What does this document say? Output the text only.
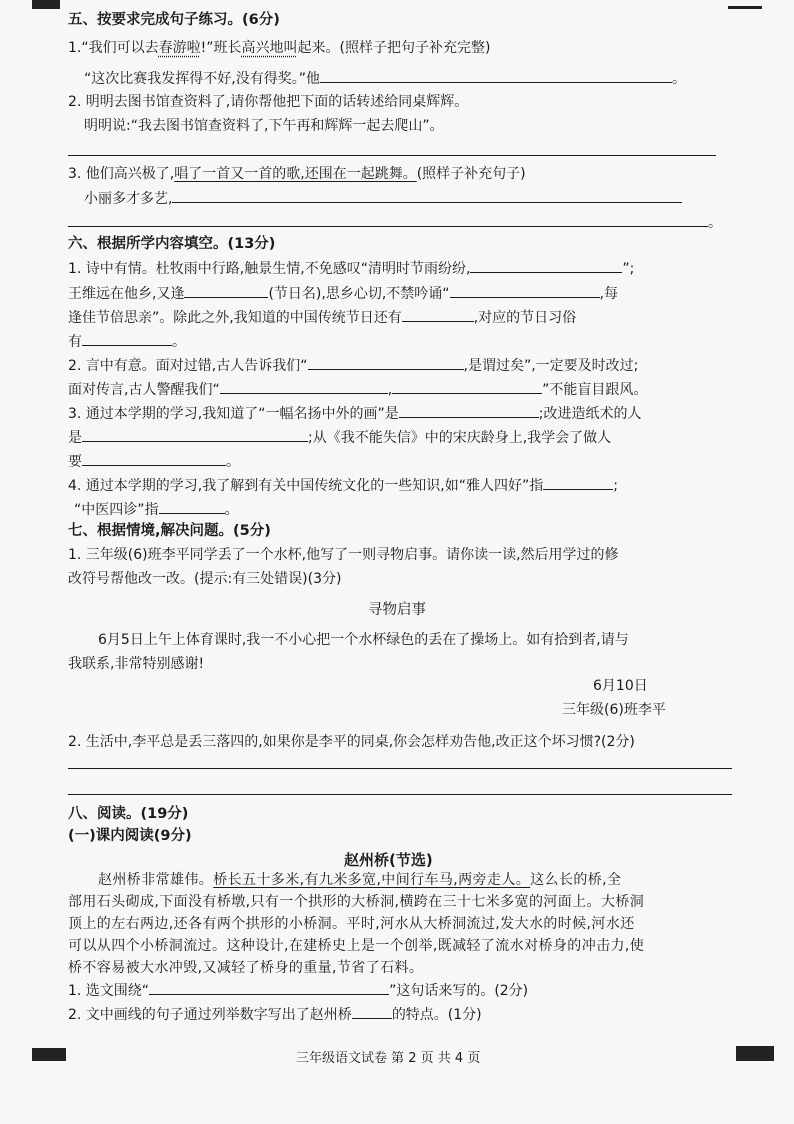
五、按要求完成句子练习。(6分)
1.“我们可以去春游啦!”班长高兴地叫起来。(照样子把句子补充完整)
“这次比赛我发挥得不好,没有得奖。”他	。
2. 明明去图书馆查资料了,请你帮他把下面的话转述给同桌辉辉。
明明说:“我去图书馆查资料了,下午再和辉辉一起去爬山”。
3. 他们高兴极了,唱了一首又一首的歌,还围在一起跳舞。(照样子补充句子)
小丽多才多艺,
。
六、根据所学内容填空。(13分)
1. 诗中有情。杜牧雨中行路,触景生情,不免感叹“清明时节雨纷纷,	”;
王维远在他乡,又逢	(节日名),思乡心切,不禁吟诵“	,每
逢佳节倍思亲”。除此之外,我知道的中国传统节日还有	,对应的节日习俗
有	。
2. 言中有意。面对过错,古人告诉我们“	,是谓过矣”,一定要及时改过;
面对传言,古人警醒我们“	,	”不能盲目跟风。
3. 通过本学期的学习,我知道了“一幅名扬中外的画”是	;改进造纸术的人
是	;从《我不能失信》中的宋庆龄身上,我学会了做人
要	。
4. 通过本学期的学习,我了解到有关中国传统文化的一些知识,如“雅人四好”指	;
“中医四诊”指	。
七、根据情境,解决问题。(5分)
1. 三年级(6)班李平同学丢了一个水杯,他写了一则寻物启事。请你读一读,然后用学过的修
改符号帮他改一改。(提示:有三处错误)(3分)
寻物启事
6月5日上午上体育课时,我一不小心把一个水杯绿色的丢在了操场上。如有拾到者,请与
我联系,非常特别感谢!
6月10日
三年级(6)班李平
2. 生活中,李平总是丢三落四的,如果你是李平的同桌,你会怎样劝告他,改正这个坏习惯?(2分)
八、阅读。(19分)
(一)课内阅读(9分)
赵州桥(节选)
赵州桥非常雄伟。桥长五十多米,有九米多宽,中间行车马,两旁走人。这么长的桥,全
部用石头砌成,下面没有桥墩,只有一个拱形的大桥洞,横跨在三十七米多宽的河面上。大桥洞
顶上的左右两边,还各有两个拱形的小桥洞。平时,河水从大桥洞流过,发大水的时候,河水还
可以从四个小桥洞流过。这种设计,在建桥史上是一个创举,既减轻了流水对桥身的冲击力,使
桥不容易被大水冲毁,又减轻了桥身的重量,节省了石料。
1. 选文围绕“	”这句话来写的。(2分)
2. 文中画线的句子通过列举数字写出了赵州桥	的特点。(1分)
三年级语文试卷 第 2 页 共 4 页
